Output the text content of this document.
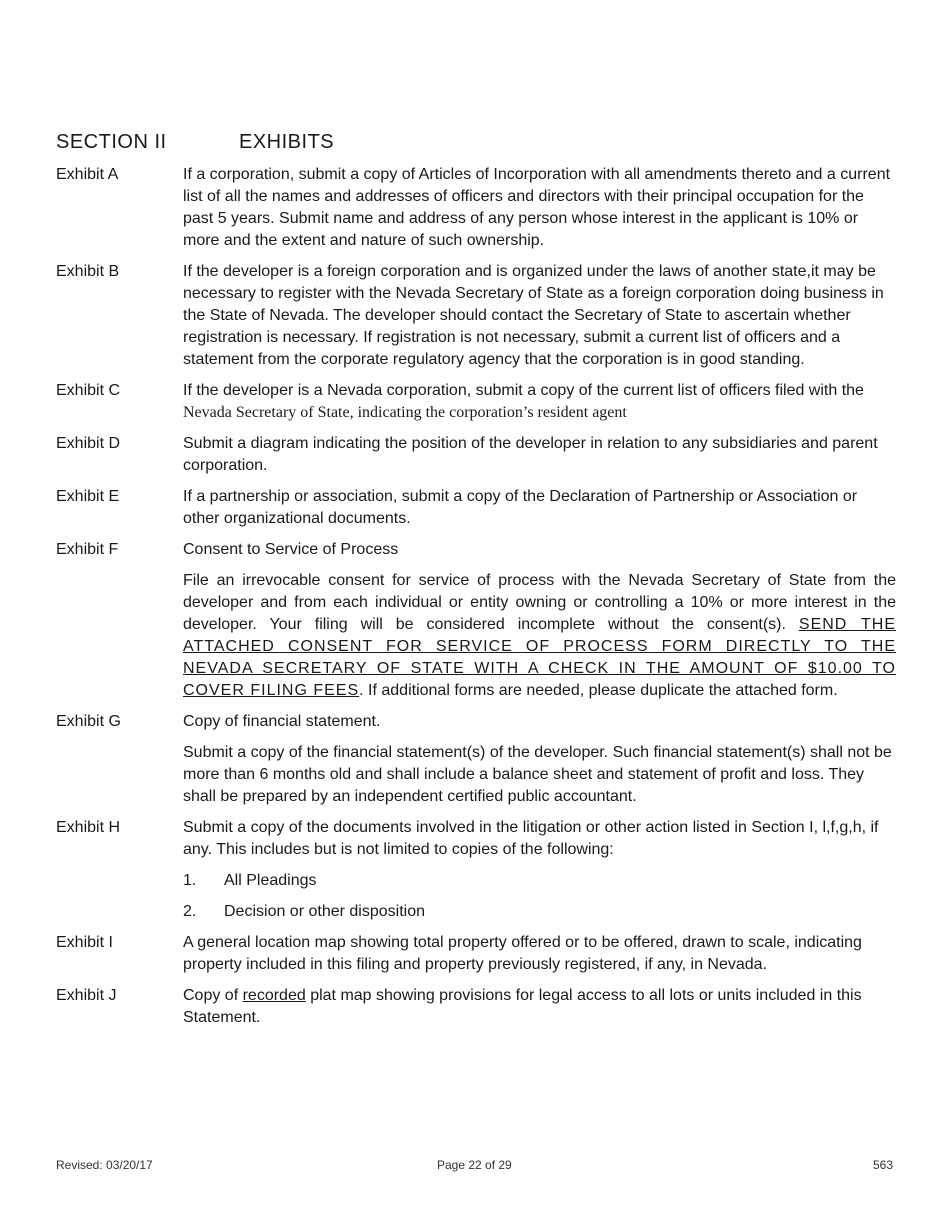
SECTION II	EXHIBITS
Exhibit A	If a corporation, submit a copy of Articles of Incorporation with all amendments thereto and a current list of all the names and addresses of officers and directors with their principal occupation for the past 5 years. Submit name and address of any person whose interest in the applicant is 10% or more and the extent and nature of such ownership.

Exhibit B	If the developer is a foreign corporation and is organized under the laws of another state,it may be necessary to register with the Nevada Secretary of State as a foreign corporation doing business in the State of Nevada. The developer should contact the Secretary of State to ascertain whether registration is necessary. If registration is not necessary, submit a current list of officers and a statement from the corporate regulatory agency that the corporation is in good standing.

Exhibit C	If the developer is a Nevada corporation, submit a copy of the current list of officers filed with the
Nevada Secretary of State, indicating the corporation’s resident agent

Exhibit D	Submit a diagram indicating the position of the developer in relation to any subsidiaries and parent corporation.

Exhibit E	If a partnership or association, submit a copy of the Declaration of Partnership or Association or other organizational documents.

Exhibit F	Consent to Service of Process

File an irrevocable consent for service of process with the Nevada Secretary of State from the developer and from each individual or entity owning or controlling a 10% or more interest in the developer. Your filing will be considered incomplete without the consent(s). SEND THE ATTACHED CONSENT FOR SERVICE OF PROCESS FORM DIRECTLY TO THE NEVADA SECRETARY OF STATE WITH A CHECK IN THE AMOUNT OF $10.00 TO COVER FILING FEES. If additional forms are needed, please duplicate the attached form.

Exhibit G	Copy of financial statement.

Submit a copy of the financial statement(s) of the developer. Such financial statement(s) shall not be more than 6 months old and shall include a balance sheet and statement of profit and loss. They shall be prepared by an independent certified public accountant.

Exhibit H	Submit a copy of the documents involved in the litigation or other action listed in Section I, l,f,g,h, if any. This includes but is not limited to copies of the following:

1.	All Pleadings

2.	Decision or other disposition

Exhibit I	A general location map showing total property offered or to be offered, drawn to scale, indicating property included in this filing and property previously registered, if any, in Nevada.

Exhibit J	Copy of recorded plat map showing provisions for legal access to all lots or units included in this Statement.

Revised: 03/20/17	Page 22 of 29	563
